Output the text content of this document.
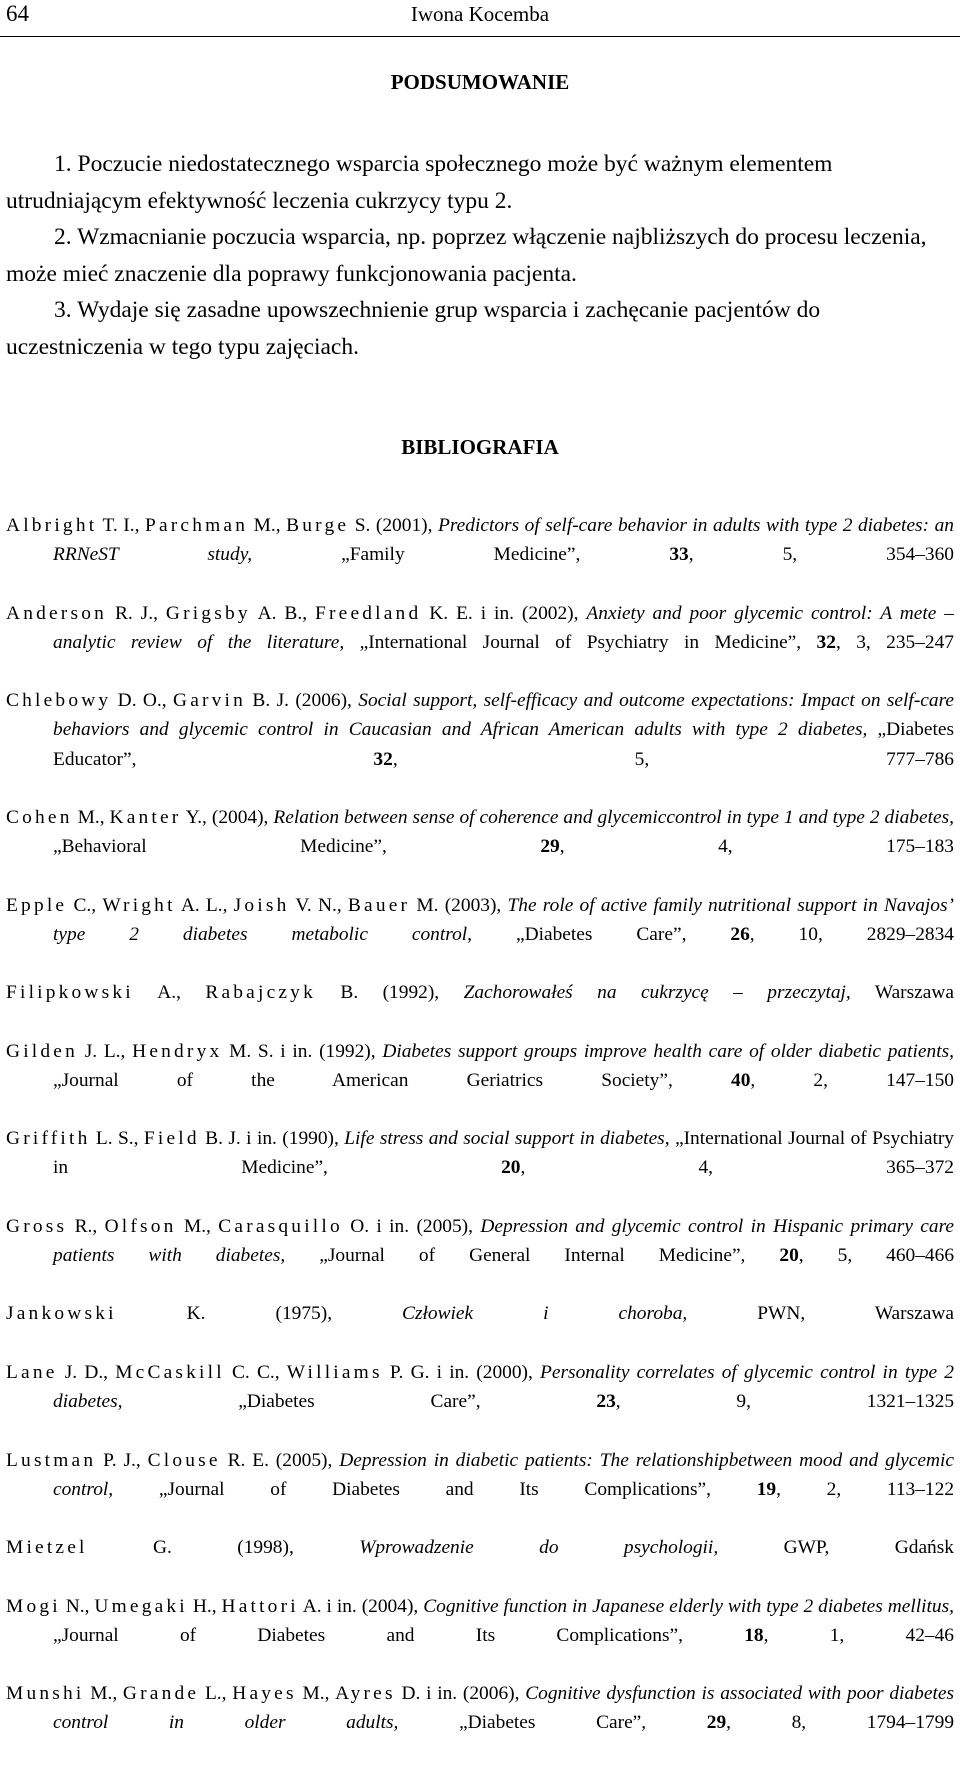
64	Iwona Kocemba
PODSUMOWANIE

1. Poczucie niedostatecznego wsparcia społecznego może być ważnym elementem utrudniającym efektywność leczenia cukrzycy typu 2.

2. Wzmacnianie poczucia wsparcia, np. poprzez włączenie najbliższych do procesu leczenia, może mieć znaczenie dla poprawy funkcjonowania pacjenta.

3. Wydaje się zasadne upowszechnienie grup wsparcia i zachęcanie pacjentów do uczestniczenia w tego typu zajęciach.

BIBLIOGRAFIA

Albright T. I., Parchman M., Burge S. (2001), Predictors of self-care behavior in adults with type 2 diabetes: an RRNeST study, „Family Medicine”, 33, 5, 354–360

Anderson R. J., Grigsby A. B., Freedland K. E. i in. (2002), Anxiety and poor glycemic control: A mete – analytic review of the literature, „International Journal of Psychiatry in Medicine”, 32, 3, 235–247

Chlebowy D. O., Garvin B. J. (2006), Social support, self-efficacy and outcome expectations: Impact on self-care behaviors and glycemic control in Caucasian and African American adults with type 2 diabetes, „Diabetes Educator”, 32, 5, 777–786

Cohen M., Kanter Y., (2004), Relation between sense of coherence and glycemiccontrol in type 1 and type 2 diabetes, „Behavioral Medicine”, 29, 4, 175–183

Epple C., Wright A. L., Joish V. N., Bauer M. (2003), The role of active family nutritional support in Navajos’ type 2 diabetes metabolic control, „Diabetes Care”, 26, 10, 2829–2834

Filipkowski A., Rabajczyk B. (1992), Zachorowałeś na cukrzycę – przeczytaj, Warszawa

Gilden J. L., Hendryx M. S. i in. (1992), Diabetes support groups improve health care of older diabetic patients, „Journal of the American Geriatrics Society”, 40, 2, 147–150

Griffith L. S., Field B. J. i in. (1990), Life stress and social support in diabetes, „International Journal of Psychiatry in Medicine”, 20, 4, 365–372

Gross R., Olfson M., Carasquillo O. i in. (2005), Depression and glycemic control in Hispanic primary care patients with diabetes, „Journal of General Internal Medicine”, 20, 5, 460–466

Jankowski K. (1975), Człowiek i choroba, PWN, Warszawa

Lane J. D., McCaskill C. C., Williams P. G. i in. (2000), Personality correlates of glycemic control in type 2 diabetes, „Diabetes Care”, 23, 9, 1321–1325

Lustman P. J., Clouse R. E. (2005), Depression in diabetic patients: The relationshipbetween mood and glycemic control, „Journal of Diabetes and Its Complications”, 19, 2, 113–122

Mietzel G. (1998), Wprowadzenie do psychologii, GWP, Gdańsk

Mogi N., Umegaki H., Hattori A. i in. (2004), Cognitive function in Japanese elderly with type 2 diabetes mellitus, „Journal of Diabetes and Its Complications”, 18, 1, 42–46

Munshi M., Grande L., Hayes M., Ayres D. i in. (2006), Cognitive dysfunction is associated with poor diabetes control in older adults, „Diabetes Care”, 29, 8, 1794–1799
